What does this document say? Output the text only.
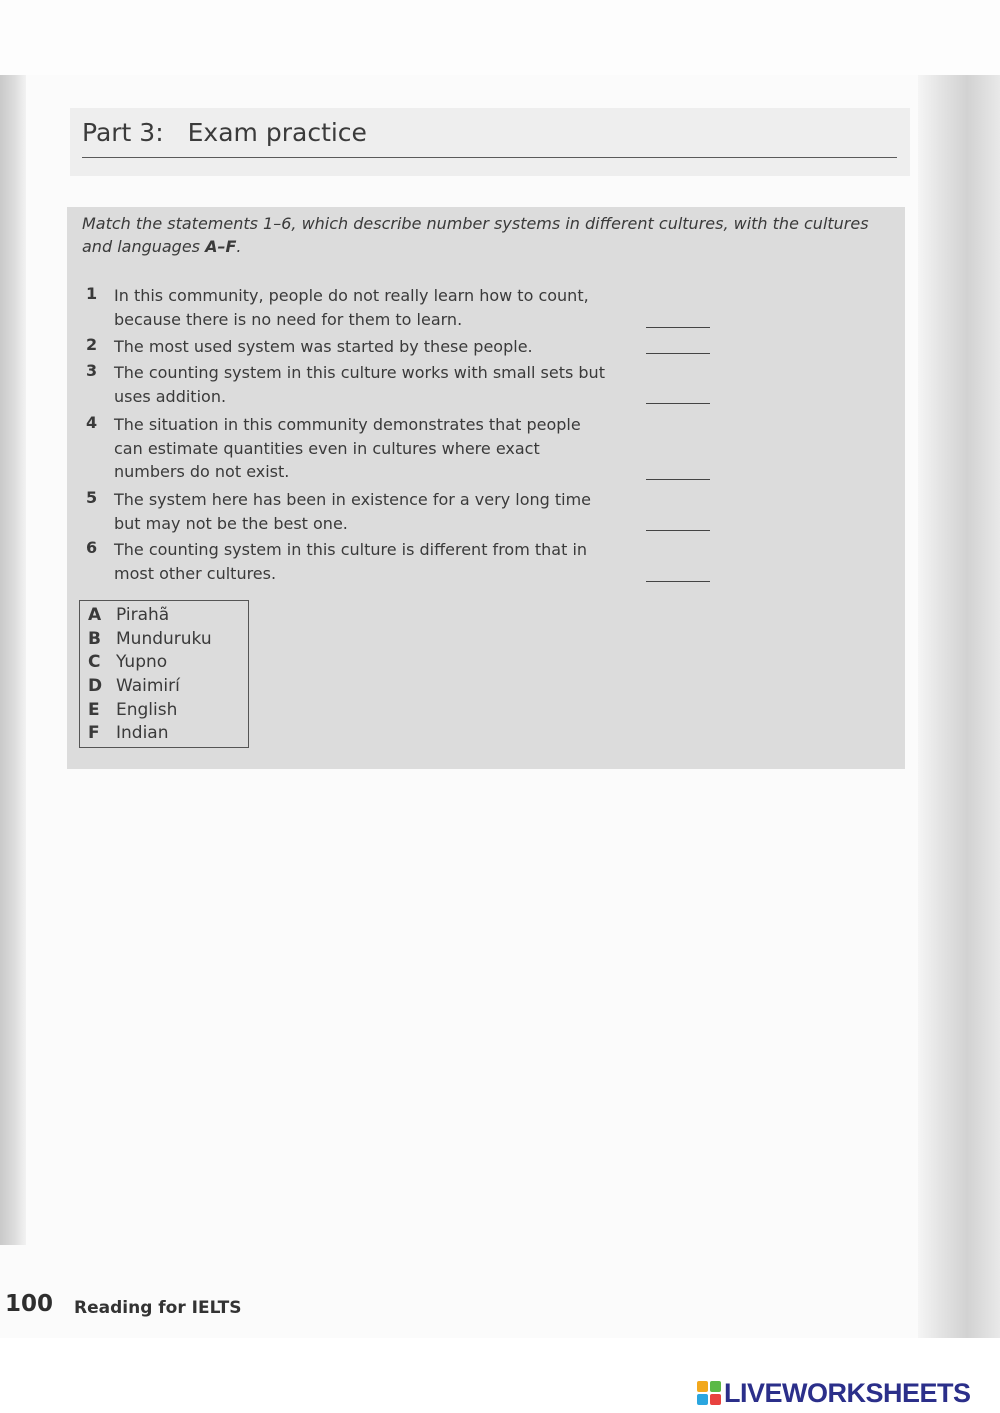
Part 3: Exam practice
Match the statements 1–6, which describe number systems in different cultures, with the cultures and languages A–F.
1 In this community, people do not really learn how to count, because there is no need for them to learn.
2 The most used system was started by these people.
3 The counting system in this culture works with small sets but uses addition.
4 The situation in this community demonstrates that people can estimate quantities even in cultures where exact numbers do not exist.
5 The system here has been in existence for a very long time but may not be the best one.
6 The counting system in this culture is different from that in most other cultures.
A Pirahã
B Munduruku
C Yupno
D Waimirí
E English
F Indian
100 Reading for IELTS
LIVEWORKSHEETS
